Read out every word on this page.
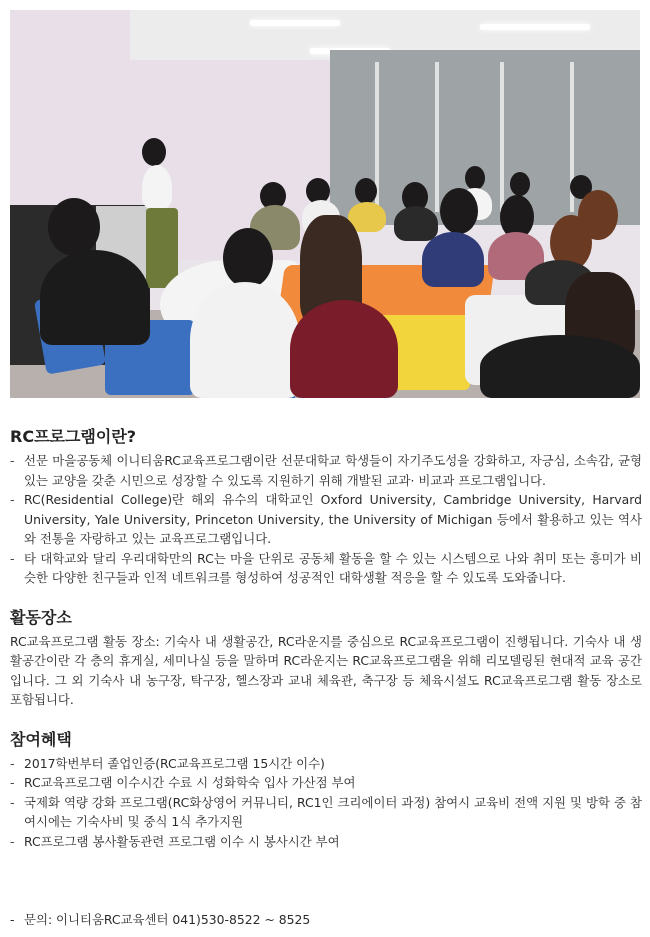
RC프로그램이란?
- 선문 마을공동체 이니티움RC교육프로그램이란 선문대학교 학생들이 자기주도성을 강화하고, 자긍심, 소속감, 균형있는 교양을 갖춘 시민으로 성장할 수 있도록 지원하기 위해 개발된 교과· 비교과 프로그램입니다.
- RC(Residential College)란 해외 유수의 대학교인 Oxford University, Cambridge University, Harvard University, Yale University, Princeton University, the University of Michigan 등에서 활용하고 있는 역사와 전통을 자랑하고 있는 교육프로그램입니다.
- 타 대학교와 달리 우리대학만의 RC는 마을 단위로 공동체 활동을 할 수 있는 시스템으로 나와 취미 또는 흥미가 비슷한 다양한 친구들과 인적 네트워크를 형성하여 성공적인 대학생활 적응을 할 수 있도록 도와줍니다.
활동장소

RC교육프로그램 활동 장소: 기숙사 내 생활공간, RC라운지를 중심으로 RC교육프로그램이 진행됩니다. 기숙사 내 생활공간이란 각 층의 휴게실, 세미나실 등을 말하며 RC라운지는 RC교육프로그램을 위해 리모델링된 현대적 교육 공간입니다. 그 외 기숙사 내 농구장, 탁구장, 헬스장과 교내 체육관, 축구장 등 체육시설도 RC교육프로그램 활동 장소로 포함됩니다.

참여혜택
- 2017학번부터 졸업인증(RC교육프로그램 15시간 이수)
- RC교육프로그램 이수시간 수료 시 성화학숙 입사 가산점 부여
- 국제화 역량 강화 프로그램(RC화상영어 커뮤니티, RC1인 크리에이터 과정) 참여시 교육비 전액 지원 및 방학 중 참여시에는 기숙사비 및 중식 1식 추가지원
- RC프로그램 봉사활동관련 프로그램 이수 시 봉사시간 부여
- 문의: 이니티움RC교육센터 041)530-8522 ~ 8525
